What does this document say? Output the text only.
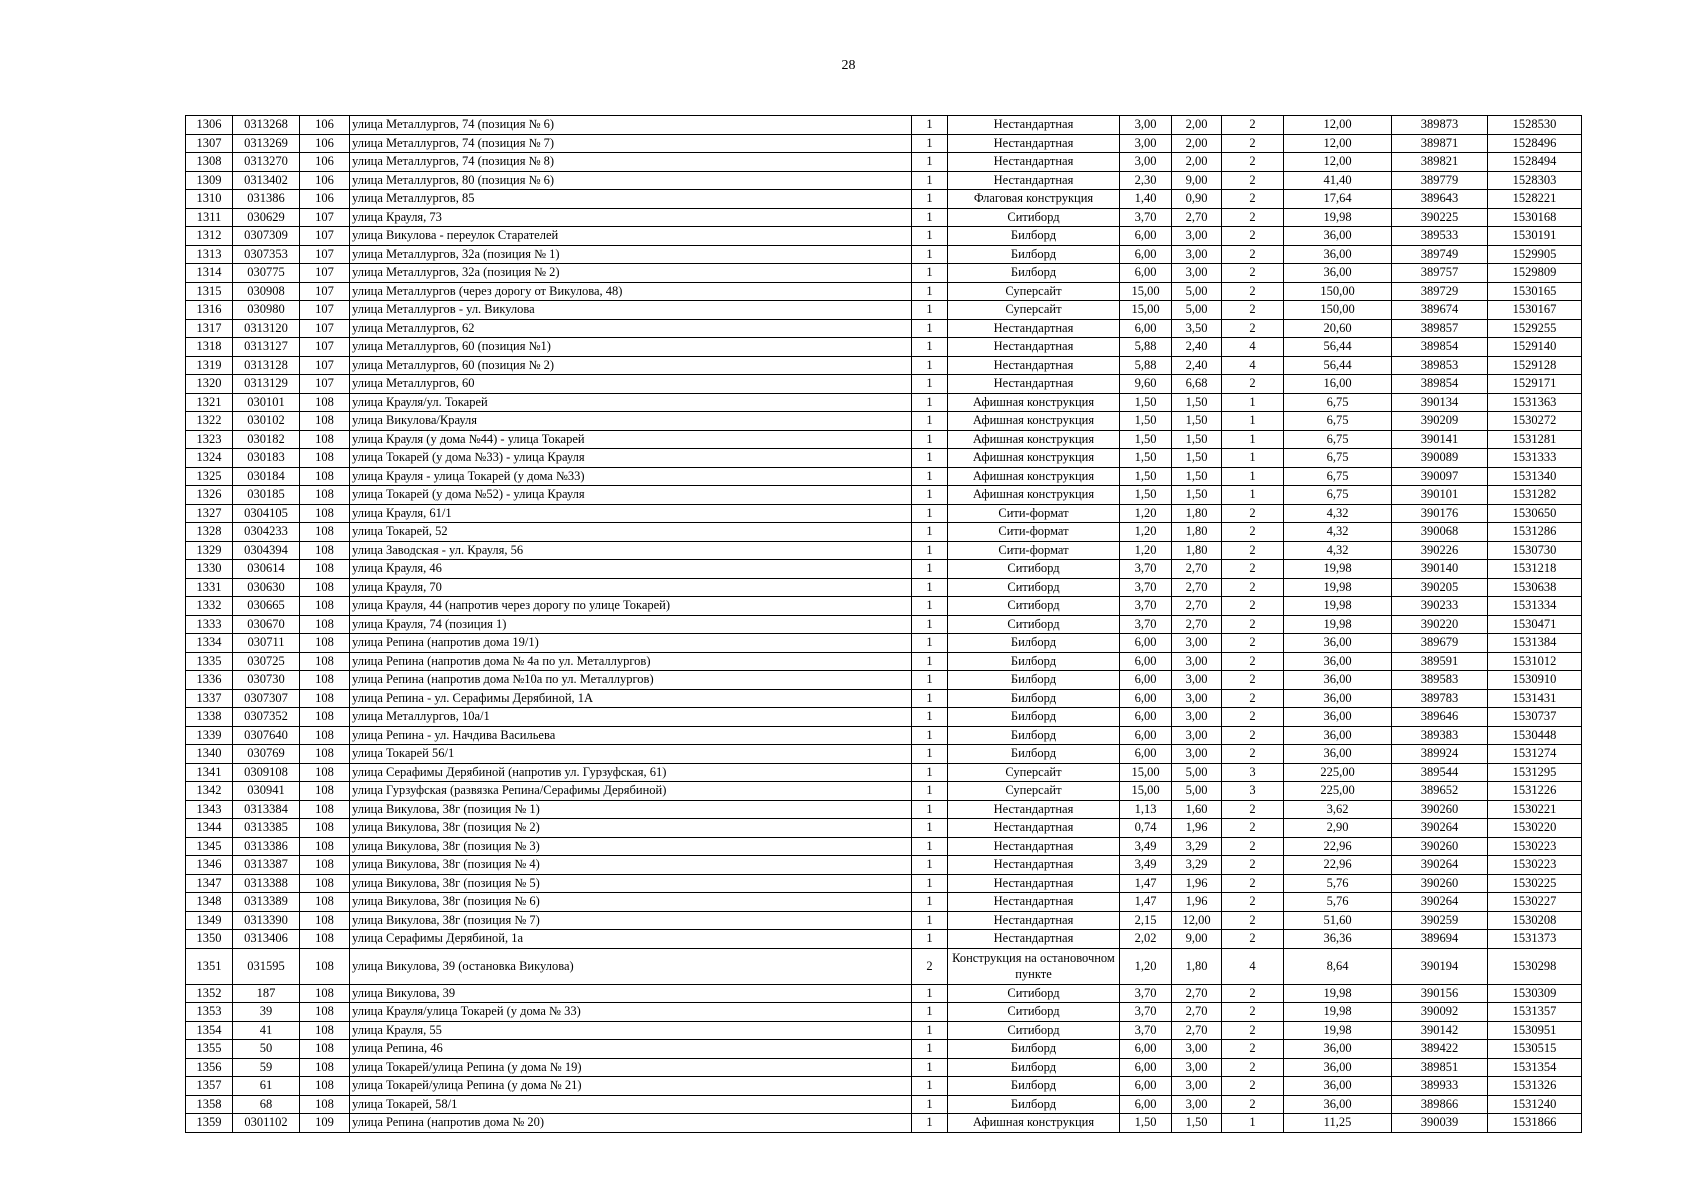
28
1306	0313268	106	улица Металлургов, 74 (позиция № 6)	1	Нестандартная	3,00	2,00	2	12,00	389873	1528530
1307	0313269	106	улица Металлургов, 74 (позиция № 7)	1	Нестандартная	3,00	2,00	2	12,00	389871	1528496
1308	0313270	106	улица Металлургов, 74 (позиция № 8)	1	Нестандартная	3,00	2,00	2	12,00	389821	1528494
1309	0313402	106	улица Металлургов, 80 (позиция № 6)	1	Нестандартная	2,30	9,00	2	41,40	389779	1528303
1310	031386	106	улица Металлургов, 85	1	Флаговая конструкция	1,40	0,90	2	17,64	389643	1528221
1311	030629	107	улица Крауля, 73	1	Ситиборд	3,70	2,70	2	19,98	390225	1530168
1312	0307309	107	улица Викулова - переулок Старателей	1	Билборд	6,00	3,00	2	36,00	389533	1530191
1313	0307353	107	улица Металлургов, 32а (позиция № 1)	1	Билборд	6,00	3,00	2	36,00	389749	1529905
1314	030775	107	улица Металлургов, 32а (позиция № 2)	1	Билборд	6,00	3,00	2	36,00	389757	1529809
1315	030908	107	улица Металлургов (через дорогу от Викулова, 48)	1	Суперсайт	15,00	5,00	2	150,00	389729	1530165
1316	030980	107	улица Металлургов - ул. Викулова	1	Суперсайт	15,00	5,00	2	150,00	389674	1530167
1317	0313120	107	улица Металлургов, 62	1	Нестандартная	6,00	3,50	2	20,60	389857	1529255
1318	0313127	107	улица Металлургов, 60 (позиция №1)	1	Нестандартная	5,88	2,40	4	56,44	389854	1529140
1319	0313128	107	улица Металлургов, 60 (позиция № 2)	1	Нестандартная	5,88	2,40	4	56,44	389853	1529128
1320	0313129	107	улица Металлургов, 60	1	Нестандартная	9,60	6,68	2	16,00	389854	1529171
1321	030101	108	улица Крауля/ул. Токарей	1	Афишная конструкция	1,50	1,50	1	6,75	390134	1531363
1322	030102	108	улица Викулова/Крауля	1	Афишная конструкция	1,50	1,50	1	6,75	390209	1530272
1323	030182	108	улица Крауля (у дома №44) - улица Токарей	1	Афишная конструкция	1,50	1,50	1	6,75	390141	1531281
1324	030183	108	улица Токарей (у дома №33) - улица Крауля	1	Афишная конструкция	1,50	1,50	1	6,75	390089	1531333
1325	030184	108	улица Крауля - улица Токарей (у дома №33)	1	Афишная конструкция	1,50	1,50	1	6,75	390097	1531340
1326	030185	108	улица Токарей (у дома №52) - улица Крауля	1	Афишная конструкция	1,50	1,50	1	6,75	390101	1531282
1327	0304105	108	улица Крауля, 61/1	1	Сити-формат	1,20	1,80	2	4,32	390176	1530650
1328	0304233	108	улица Токарей, 52	1	Сити-формат	1,20	1,80	2	4,32	390068	1531286
1329	0304394	108	улица Заводская - ул. Крауля, 56	1	Сити-формат	1,20	1,80	2	4,32	390226	1530730
1330	030614	108	улица Крауля, 46	1	Ситиборд	3,70	2,70	2	19,98	390140	1531218
1331	030630	108	улица Крауля, 70	1	Ситиборд	3,70	2,70	2	19,98	390205	1530638
1332	030665	108	улица Крауля, 44 (напротив через дорогу по улице Токарей)	1	Ситиборд	3,70	2,70	2	19,98	390233	1531334
1333	030670	108	улица Крауля, 74 (позиция 1)	1	Ситиборд	3,70	2,70	2	19,98	390220	1530471
1334	030711	108	улица Репина (напротив дома 19/1)	1	Билборд	6,00	3,00	2	36,00	389679	1531384
1335	030725	108	улица Репина (напротив дома № 4а по ул. Металлургов)	1	Билборд	6,00	3,00	2	36,00	389591	1531012
1336	030730	108	улица Репина (напротив дома №10а по ул. Металлургов)	1	Билборд	6,00	3,00	2	36,00	389583	1530910
1337	0307307	108	улица Репина - ул. Серафимы Дерябиной, 1А	1	Билборд	6,00	3,00	2	36,00	389783	1531431
1338	0307352	108	улица Металлургов, 10а/1	1	Билборд	6,00	3,00	2	36,00	389646	1530737
1339	0307640	108	улица Репина - ул. Начдива Васильева	1	Билборд	6,00	3,00	2	36,00	389383	1530448
1340	030769	108	улица Токарей 56/1	1	Билборд	6,00	3,00	2	36,00	389924	1531274
1341	0309108	108	улица Серафимы Дерябиной (напротив ул. Гурзуфская, 61)	1	Суперсайт	15,00	5,00	3	225,00	389544	1531295
1342	030941	108	улица Гурзуфская (развязка Репина/Серафимы Дерябиной)	1	Суперсайт	15,00	5,00	3	225,00	389652	1531226
1343	0313384	108	улица Викулова, 38г (позиция № 1)	1	Нестандартная	1,13	1,60	2	3,62	390260	1530221
1344	0313385	108	улица Викулова, 38г (позиция № 2)	1	Нестандартная	0,74	1,96	2	2,90	390264	1530220
1345	0313386	108	улица Викулова, 38г (позиция № 3)	1	Нестандартная	3,49	3,29	2	22,96	390260	1530223
1346	0313387	108	улица Викулова, 38г (позиция № 4)	1	Нестандартная	3,49	3,29	2	22,96	390264	1530223
1347	0313388	108	улица Викулова, 38г (позиция № 5)	1	Нестандартная	1,47	1,96	2	5,76	390260	1530225
1348	0313389	108	улица Викулова, 38г (позиция № 6)	1	Нестандартная	1,47	1,96	2	5,76	390264	1530227
1349	0313390	108	улица Викулова, 38г (позиция № 7)	1	Нестандартная	2,15	12,00	2	51,60	390259	1530208
1350	0313406	108	улица Серафимы Дерябиной, 1а	1	Нестандартная	2,02	9,00	2	36,36	389694	1531373
1351	031595	108	улица Викулова, 39 (остановка Викулова)	2	Конструкция на остановочном пункте	1,20	1,80	4	8,64	390194	1530298
1352	187	108	улица Викулова, 39	1	Ситиборд	3,70	2,70	2	19,98	390156	1530309
1353	39	108	улица Крауля/улица Токарей (у дома № 33)	1	Ситиборд	3,70	2,70	2	19,98	390092	1531357
1354	41	108	улица Крауля, 55	1	Ситиборд	3,70	2,70	2	19,98	390142	1530951
1355	50	108	улица Репина, 46	1	Билборд	6,00	3,00	2	36,00	389422	1530515
1356	59	108	улица Токарей/улица Репина (у дома № 19)	1	Билборд	6,00	3,00	2	36,00	389851	1531354
1357	61	108	улица Токарей/улица Репина (у дома № 21)	1	Билборд	6,00	3,00	2	36,00	389933	1531326
1358	68	108	улица Токарей, 58/1	1	Билборд	6,00	3,00	2	36,00	389866	1531240
1359	0301102	109	улица Репина (напротив дома № 20)	1	Афишная конструкция	1,50	1,50	1	11,25	390039	1531866
